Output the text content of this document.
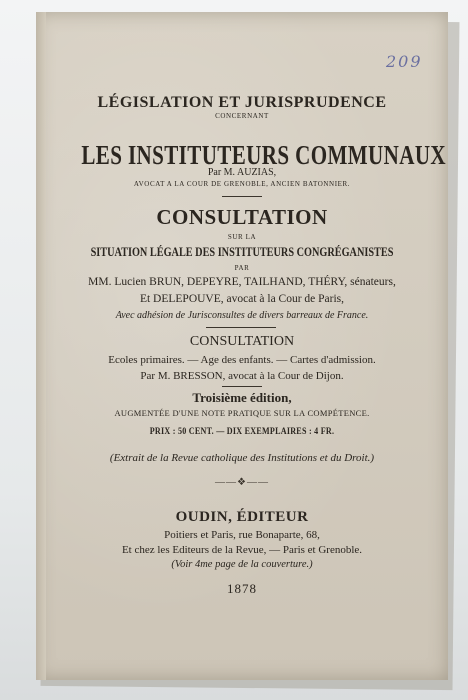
209
LÉGISLATION ET JURISPRUDENCE
CONCERNANT
LES INSTITUTEURS COMMUNAUX
Par M. AUZIAS,
AVOCAT A LA COUR DE GRENOBLE, ANCIEN BATONNIER.
CONSULTATION
SUR LA
SITUATION LÉGALE DES INSTITUTEURS CONGRÉGANISTES
PAR
MM. Lucien BRUN, DEPEYRE, TAILHAND, THÉRY, sénateurs,
Et DELEPOUVE, avocat à la Cour de Paris,
Avec adhésion de Jurisconsultes de divers barreaux de France.
CONSULTATION
Ecoles primaires. — Age des enfants. — Cartes d'admission.
Par M. BRESSON, avocat à la Cour de Dijon.
Troisième édition,
AUGMENTÉE D'UNE NOTE PRATIQUE SUR LA COMPÉTENCE.
PRIX : 50 CENT. — DIX EXEMPLAIRES : 4 FR.
(Extrait de la Revue catholique des Institutions et du Droit.)
——❖——
OUDIN, ÉDITEUR
Poitiers et Paris, rue Bonaparte, 68,
Et chez les Editeurs de la Revue, — Paris et Grenoble.
(Voir 4me page de la couverture.)
1878
